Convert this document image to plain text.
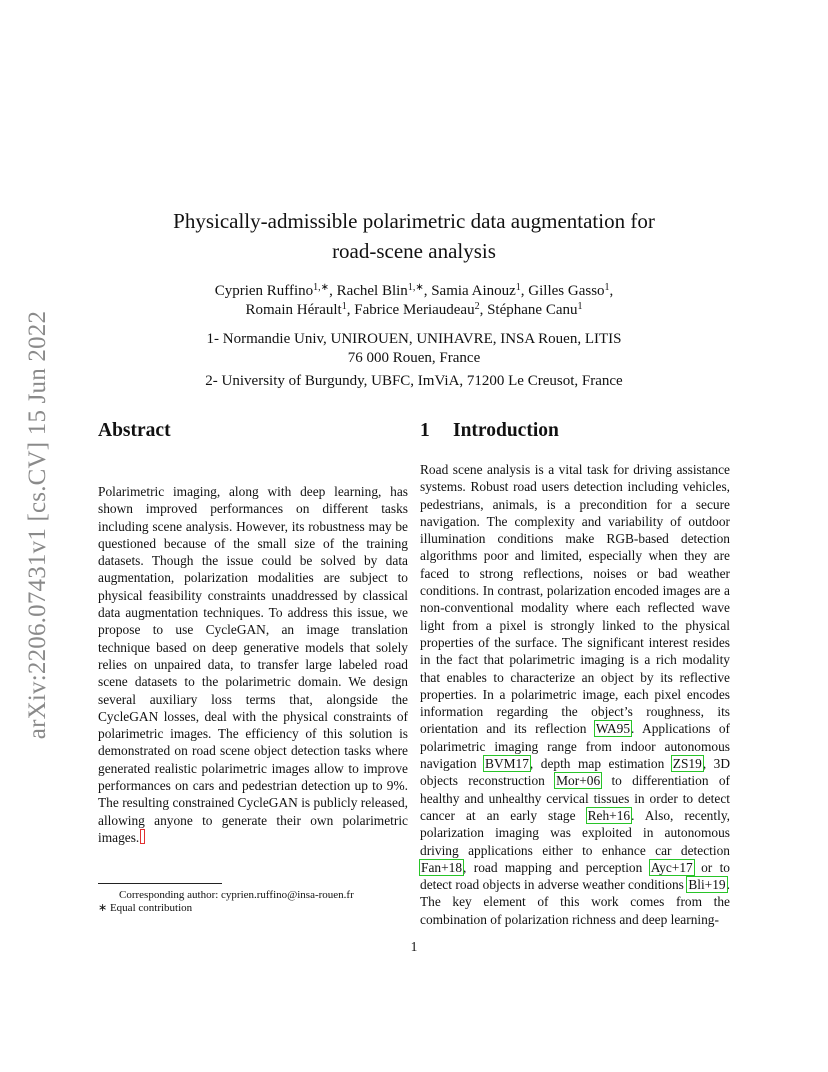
arXiv:2206.07431v1 [cs.CV] 15 Jun 2022
Physically-admissible polarimetric data augmentation for
road-scene analysis
Cyprien Ruffino$^{1,∗}$, Rachel Blin$^{1,∗}$, Samia Ainouz$^1$, Gilles Gasso$^1$,
Romain Hérault$^1$, Fabrice Meriaudeau$^2$, Stéphane Canu$^1$
1- Normandie Univ, UNIROUEN, UNIHAVRE, INSA Rouen, LITIS
76 000 Rouen, France
2- University of Burgundy, UBFC, ImViA, 71200 Le Creusot, France
Abstract	1 Introduction
Polarimetric imaging, along with deep learning, has shown improved performances on different tasks including scene analysis. However, its robustness may be questioned because of the small size of the training datasets. Though the issue could be solved by data augmentation, polarization modalities are subject to physical feasibility constraints unaddressed by classical data augmentation techniques. To address this issue, we propose to use CycleGAN, an image translation technique based on deep generative models that solely relies on unpaired data, to transfer large labeled road scene datasets to the polarimetric domain. We design several auxiliary loss terms that, alongside the CycleGAN losses, deal with the physical constraints of polarimetric images. The efficiency of this solution is demonstrated on road scene object detection tasks where generated realistic polarimetric images allow to improve performances on cars and pedestrian detection up to 9%. The resulting constrained CycleGAN is publicly released, allowing anyone to generate their own polarimetric images.
Road scene analysis is a vital task for driving assistance systems. Robust road users detection including vehicles, pedestrians, animals, is a precondition for a secure navigation. The complexity and variability of outdoor illumination conditions make RGB-based detection algorithms poor and limited, especially when they are faced to strong reflections, noises or bad weather conditions. In contrast, polarization encoded images are a non-conventional modality where each reflected wave light from a pixel is strongly linked to the physical properties of the surface. The significant interest resides in the fact that polarimetric imaging is a rich modality that enables to characterize an object by its reflective properties. In a polarimetric image, each pixel encodes information regarding the object’s roughness, its orientation and its reflection WA95. Applications of polarimetric imaging range from indoor autonomous navigation BVM17, depth map estimation ZS19, 3D objects reconstruction Mor+06 to differentiation of healthy and unhealthy cervical tissues in order to detect cancer at an early stage Reh+16. Also, recently, polarization imaging was exploited in autonomous driving applications either to enhance car detection Fan+18, road mapping and perception Ayc+17 or to detect road objects in adverse weather conditions Bli+19. The key element of this work comes from the combination of polarization richness and deep learning-
Corresponding author: cyprien.ruffino@insa-rouen.fr
∗ Equal contribution
1
